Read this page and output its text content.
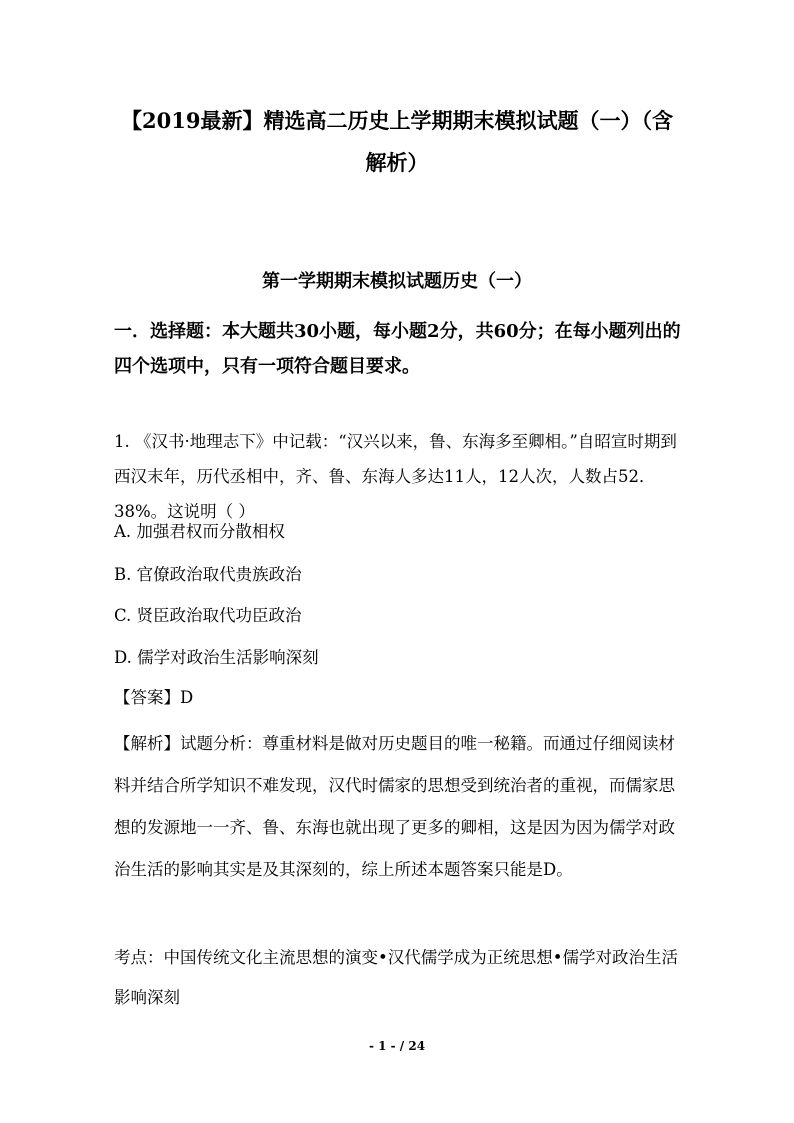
【2019最新】精选高二历史上学期期末模拟试题（一）（含解析）
第一学期期末模拟试题历史（一）

一．选择题：本大题共30小题，每小题2分，共60分；在每小题列出的四个选项中，只有一项符合题目要求。

1. 《汉书·地理志下》中记载：“汉兴以来，鲁、东海多至卿相。”自昭宣时期到西汉末年，历代丞相中，齐、鲁、东海人多达11人，12人次，人数占52．38%。这说明（ ）

A. 加强君权而分散相权

B. 官僚政治取代贵族政治

C. 贤臣政治取代功臣政治

D. 儒学对政治生活影响深刻

【答案】D

【解析】试题分析：尊重材料是做对历史题目的唯一秘籍。而通过仔细阅读材料并结合所学知识不难发现，汉代时儒家的思想受到统治者的重视，而儒家思想的发源地一一齐、鲁、东海也就出现了更多的卿相，这是因为因为儒学对政治生活的影响其实是及其深刻的，综上所述本题答案只能是D。

考点：中国传统文化主流思想的演变•汉代儒学成为正统思想•儒学对政治生活影响深刻

- 1 - / 24
